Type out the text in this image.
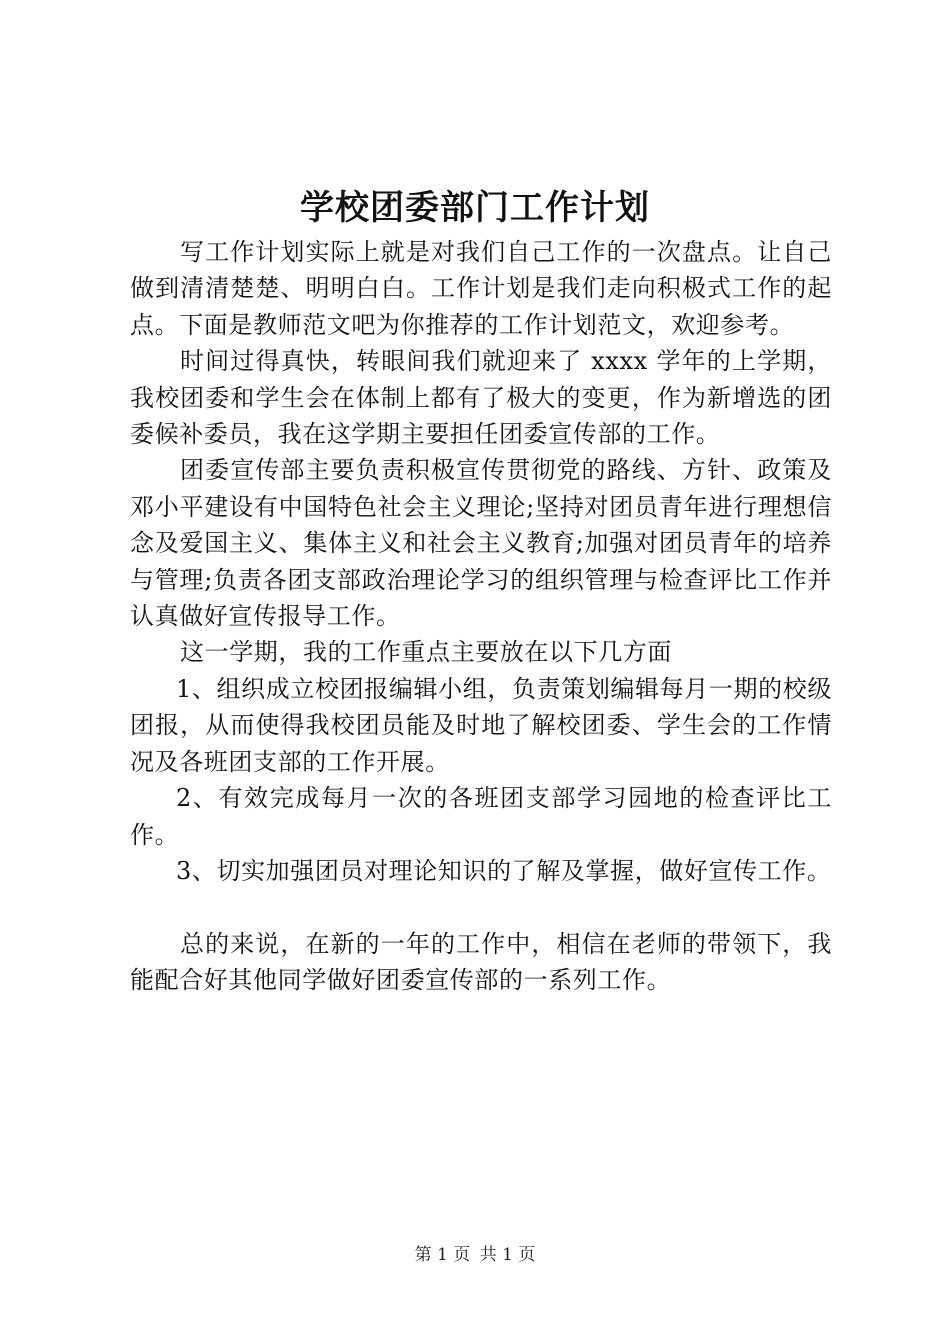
学校团委部门工作计划

写工作计划实际上就是对我们自己工作的一次盘点。让自己做到清清楚楚、明明白白。工作计划是我们走向积极式工作的起点。下面是教师范文吧为你推荐的工作计划范文，欢迎参考。

时间过得真快，转眼间我们就迎来了 xxxx 学年的上学期，我校团委和学生会在体制上都有了极大的变更，作为新增选的团委候补委员，我在这学期主要担任团委宣传部的工作。

团委宣传部主要负责积极宣传贯彻党的路线、方针、政策及邓小平建设有中国特色社会主义理论;坚持对团员青年进行理想信念及爱国主义、集体主义和社会主义教育;加强对团员青年的培养与管理;负责各团支部政治理论学习的组织管理与检查评比工作并认真做好宣传报导工作。

这一学期，我的工作重点主要放在以下几方面

1、组织成立校团报编辑小组，负责策划编辑每月一期的校级团报，从而使得我校团员能及时地了解校团委、学生会的工作情况及各班团支部的工作开展。

2、有效完成每月一次的各班团支部学习园地的检查评比工作。

3、切实加强团员对理论知识的了解及掌握，做好宣传工作。

总的来说，在新的一年的工作中，相信在老师的带领下，我能配合好其他同学做好团委宣传部的一系列工作。

第 1 页 共 1 页
